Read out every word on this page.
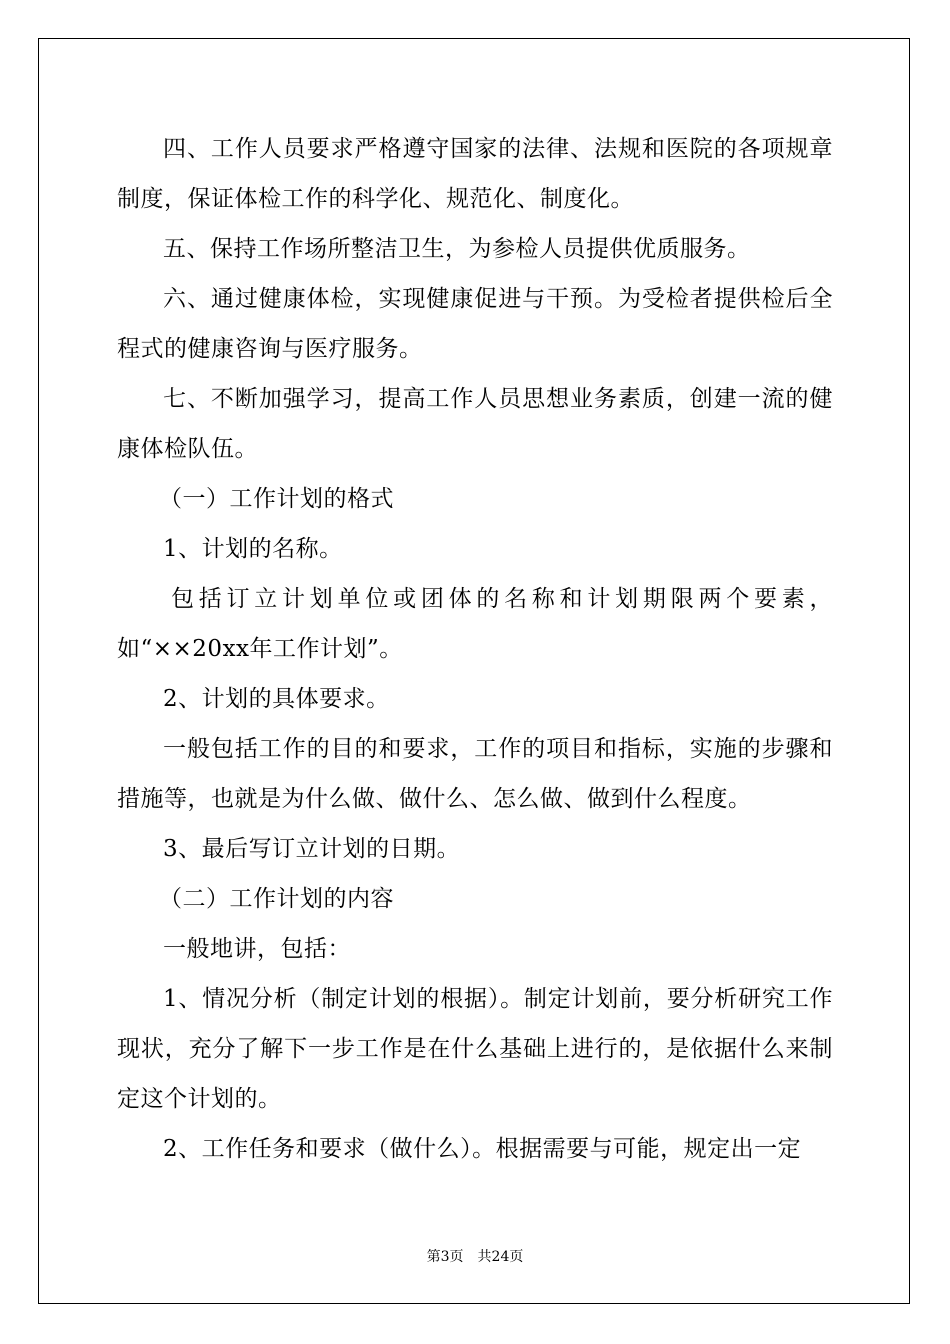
四、工作人员要求严格遵守国家的法律、法规和医院的各项规章制度，保证体检工作的科学化、规范化、制度化。

五、保持工作场所整洁卫生，为参检人员提供优质服务。

六、通过健康体检，实现健康促进与干预。为受检者提供检后全程式的健康咨询与医疗服务。

七、不断加强学习，提高工作人员思想业务素质，创建一流的健康体检队伍。

（一）工作计划的格式

1、计划的名称。

包括订立计划单位或团体的名称和计划期限两个要素，如“××20xx年工作计划”。

2、计划的具体要求。

一般包括工作的目的和要求，工作的项目和指标，实施的步骤和措施等，也就是为什么做、做什么、怎么做、做到什么程度。

3、最后写订立计划的日期。

（二）工作计划的内容

一般地讲，包括：

1、情况分析（制定计划的根据）。制定计划前，要分析研究工作现状，充分了解下一步工作是在什么基础上进行的，是依据什么来制定这个计划的。

2、工作任务和要求（做什么）。根据需要与可能，规定出一定

第3页 共24页
